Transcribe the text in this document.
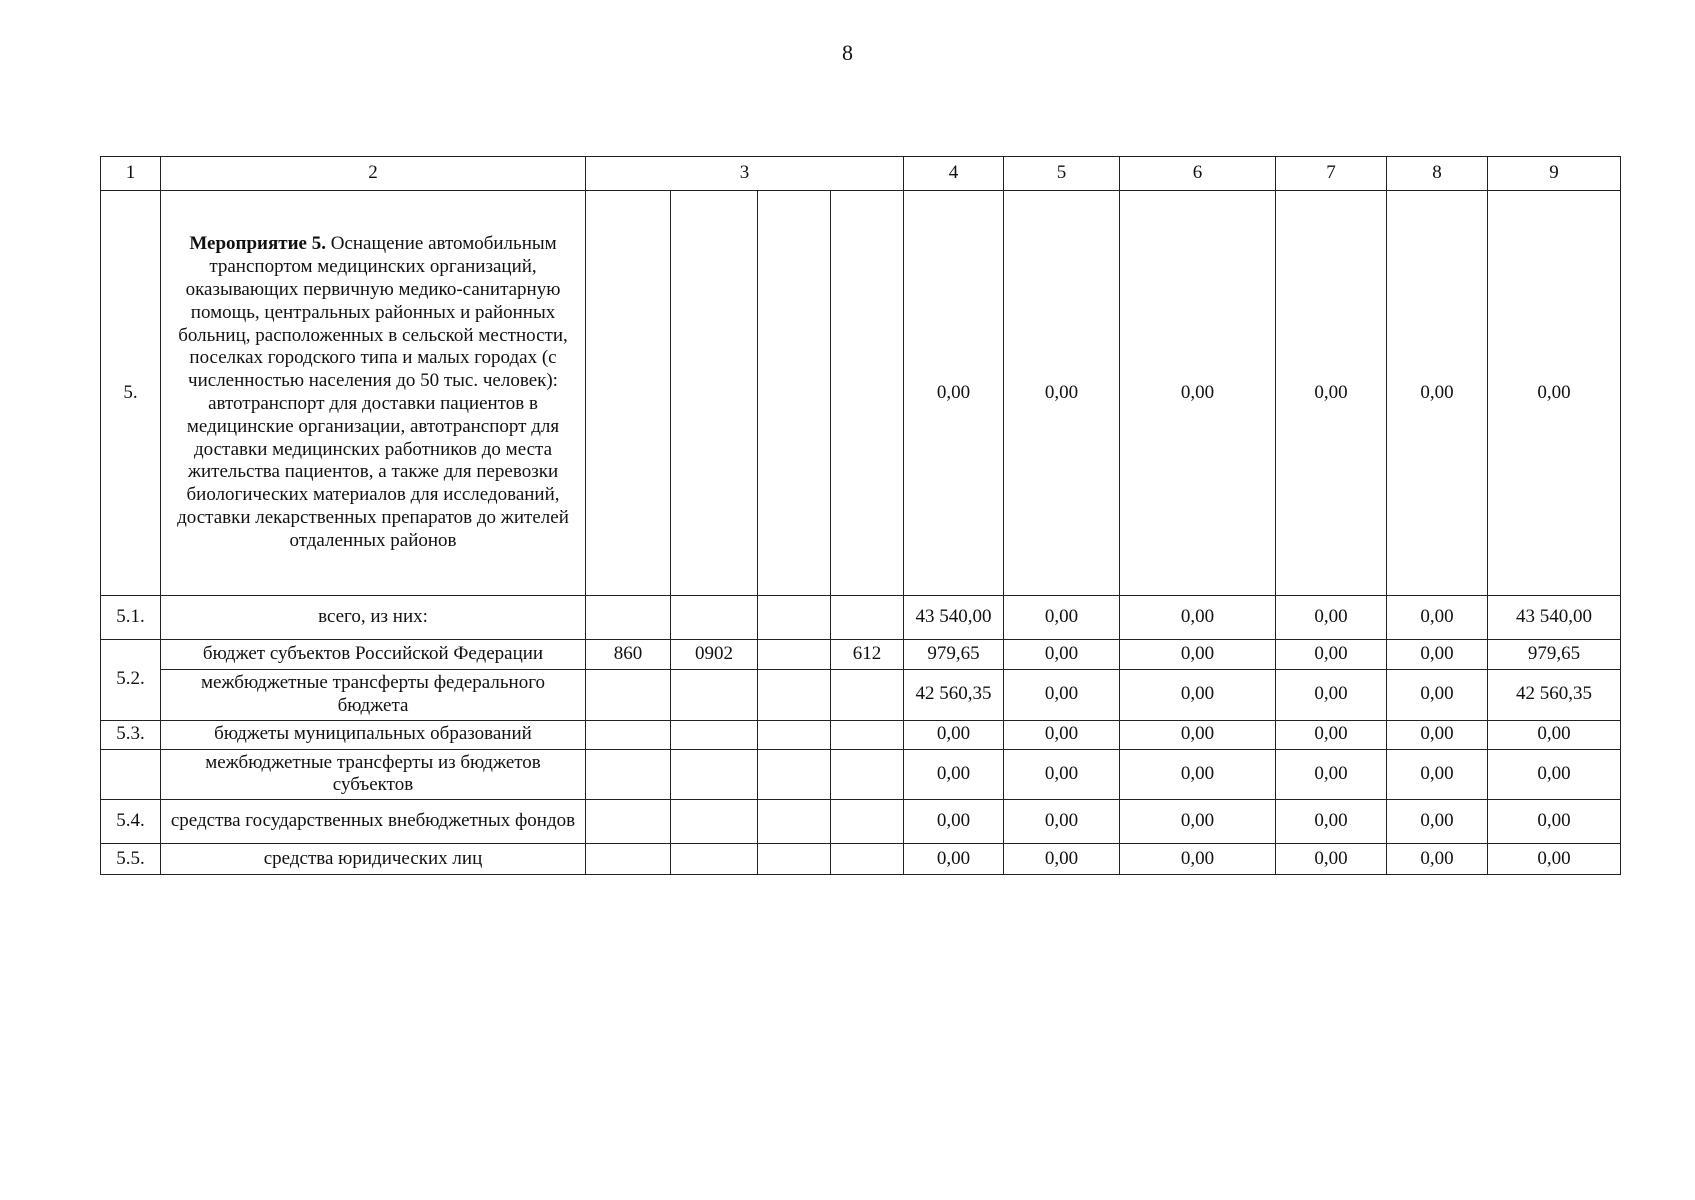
8
1	2	3				4	5	6	7	8	9
5.	Мероприятие 5. Оснащение автомобильным транспортом медицинских организаций, оказывающих первичную медико-санитарную помощь, центральных районных и районных больниц, расположенных в сельской местности, поселках городского типа и малых городах (с численностью населения до 50 тыс. человек): автотранспорт для доставки пациентов в медицинские организации, автотранспорт для доставки медицинских работников до места жительства пациентов, а также для перевозки биологических материалов для исследований, доставки лекарственных препаратов до жителей отдаленных районов					0,00	0,00	0,00	0,00	0,00	0,00
5.1.	всего, из них:					43 540,00	0,00	0,00	0,00	0,00	43 540,00
5.2.	бюджет субъектов Российской Федерации	860	0902		612	979,65	0,00	0,00	0,00	0,00	979,65
	межбюджетные трансферты федерального бюджета					42 560,35	0,00	0,00	0,00	0,00	42 560,35
5.3.	бюджеты муниципальных образований					0,00	0,00	0,00	0,00	0,00	0,00
	межбюджетные трансферты из бюджетов субъектов					0,00	0,00	0,00	0,00	0,00	0,00
5.4.	средства государственных внебюджетных фондов					0,00	0,00	0,00	0,00	0,00	0,00
5.5.	средства юридических лиц					0,00	0,00	0,00	0,00	0,00	0,00
